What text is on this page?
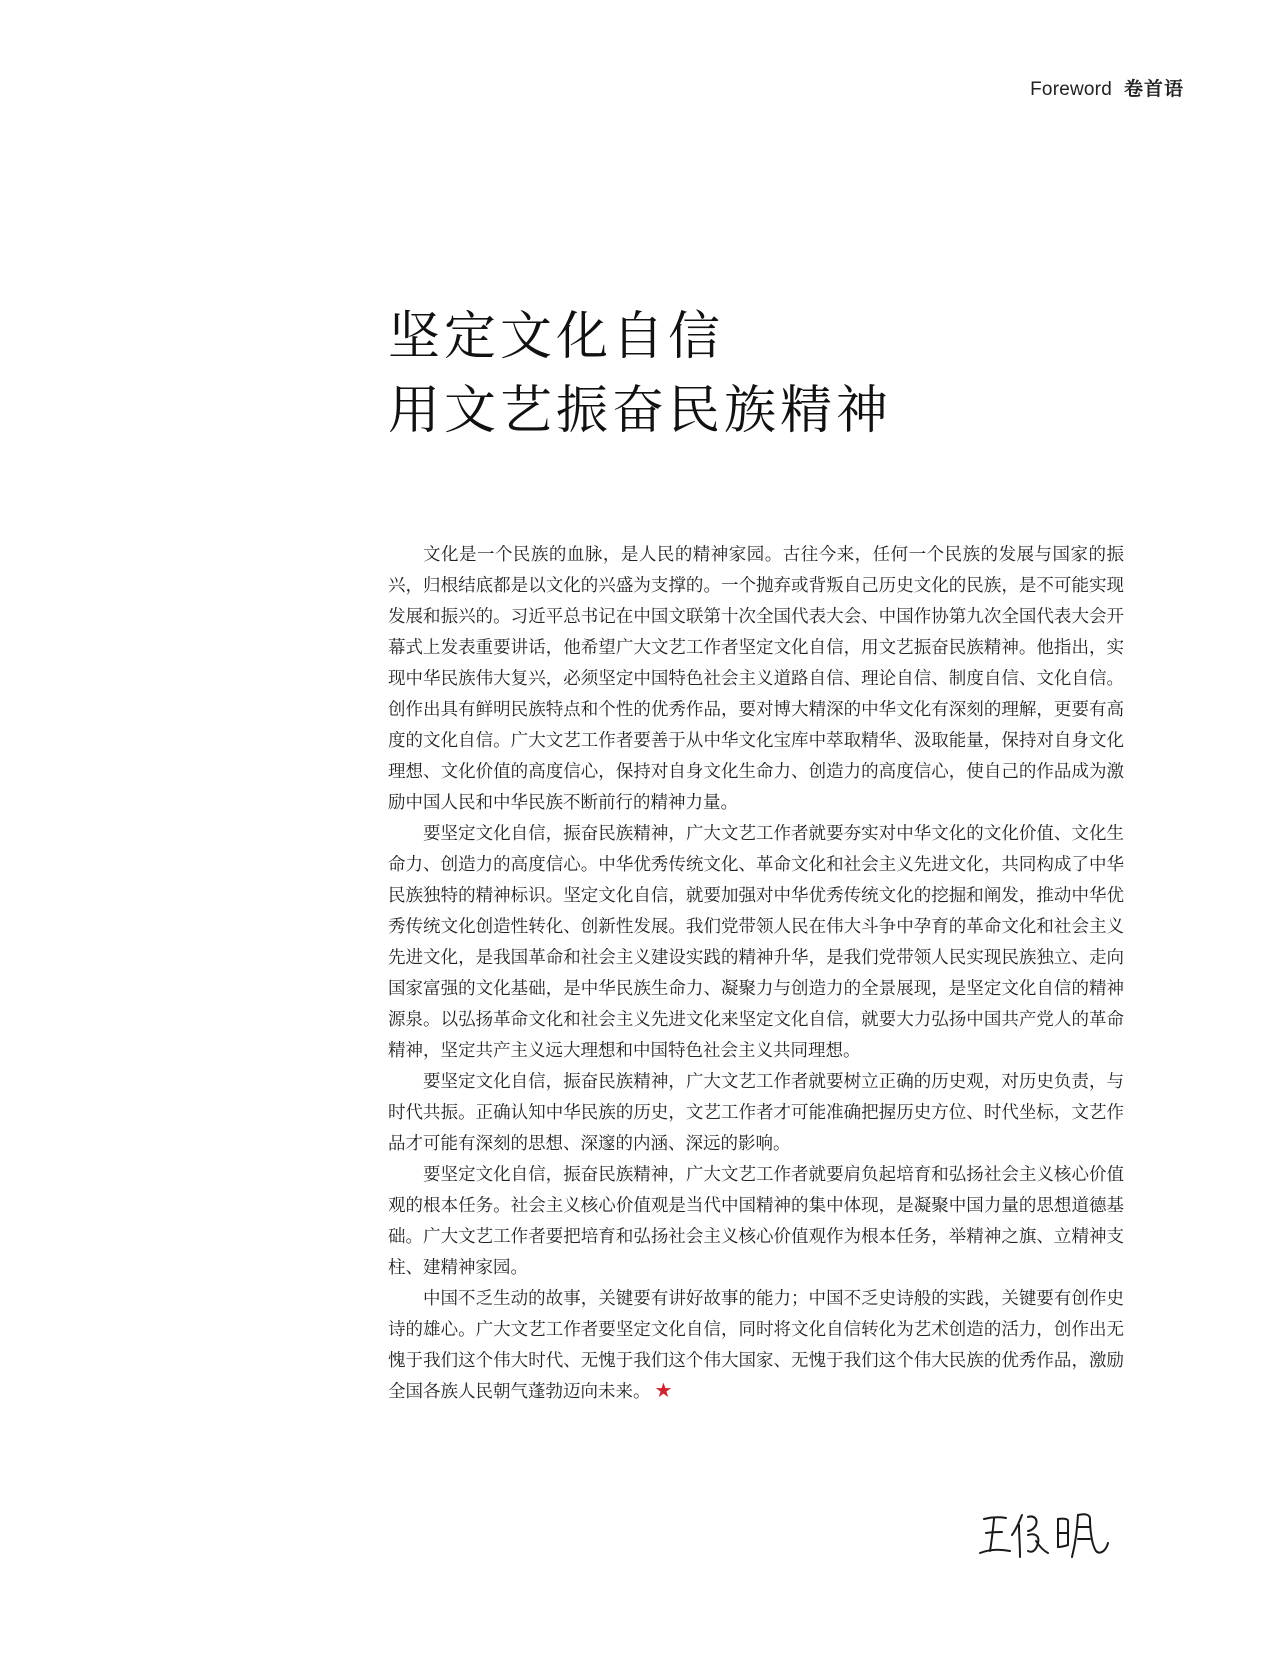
Foreword 卷首语
坚定文化自信
用文艺振奋民族精神

文化是一个民族的血脉，是人民的精神家园。古往今来，任何一个民族的发展与国家的振兴，归根结底都是以文化的兴盛为支撑的。一个抛弃或背叛自己历史文化的民族，是不可能实现发展和振兴的。习近平总书记在中国文联第十次全国代表大会、中国作协第九次全国代表大会开幕式上发表重要讲话，他希望广大文艺工作者坚定文化自信，用文艺振奋民族精神。他指出，实现中华民族伟大复兴，必须坚定中国特色社会主义道路自信、理论自信、制度自信、文化自信。创作出具有鲜明民族特点和个性的优秀作品，要对博大精深的中华文化有深刻的理解，更要有高度的文化自信。广大文艺工作者要善于从中华文化宝库中萃取精华、汲取能量，保持对自身文化理想、文化价值的高度信心，保持对自身文化生命力、创造力的高度信心，使自己的作品成为激励中国人民和中华民族不断前行的精神力量。

要坚定文化自信，振奋民族精神，广大文艺工作者就要夯实对中华文化的文化价值、文化生命力、创造力的高度信心。中华优秀传统文化、革命文化和社会主义先进文化，共同构成了中华民族独特的精神标识。坚定文化自信，就要加强对中华优秀传统文化的挖掘和阐发，推动中华优秀传统文化创造性转化、创新性发展。我们党带领人民在伟大斗争中孕育的革命文化和社会主义先进文化，是我国革命和社会主义建设实践的精神升华，是我们党带领人民实现民族独立、走向国家富强的文化基础，是中华民族生命力、凝聚力与创造力的全景展现，是坚定文化自信的精神源泉。以弘扬革命文化和社会主义先进文化来坚定文化自信，就要大力弘扬中国共产党人的革命精神，坚定共产主义远大理想和中国特色社会主义共同理想。

要坚定文化自信，振奋民族精神，广大文艺工作者就要树立正确的历史观，对历史负责，与时代共振。正确认知中华民族的历史，文艺工作者才可能准确把握历史方位、时代坐标，文艺作品才可能有深刻的思想、深邃的内涵、深远的影响。

要坚定文化自信，振奋民族精神，广大文艺工作者就要肩负起培育和弘扬社会主义核心价值观的根本任务。社会主义核心价值观是当代中国精神的集中体现，是凝聚中国力量的思想道德基础。广大文艺工作者要把培育和弘扬社会主义核心价值观作为根本任务，举精神之旗、立精神支柱、建精神家园。

中国不乏生动的故事，关键要有讲好故事的能力；中国不乏史诗般的实践，关键要有创作史诗的雄心。广大文艺工作者要坚定文化自信，同时将文化自信转化为艺术创造的活力，创作出无愧于我们这个伟大时代、无愧于我们这个伟大国家、无愧于我们这个伟大民族的优秀作品，激励全国各族人民朝气蓬勃迈向未来。 ★
